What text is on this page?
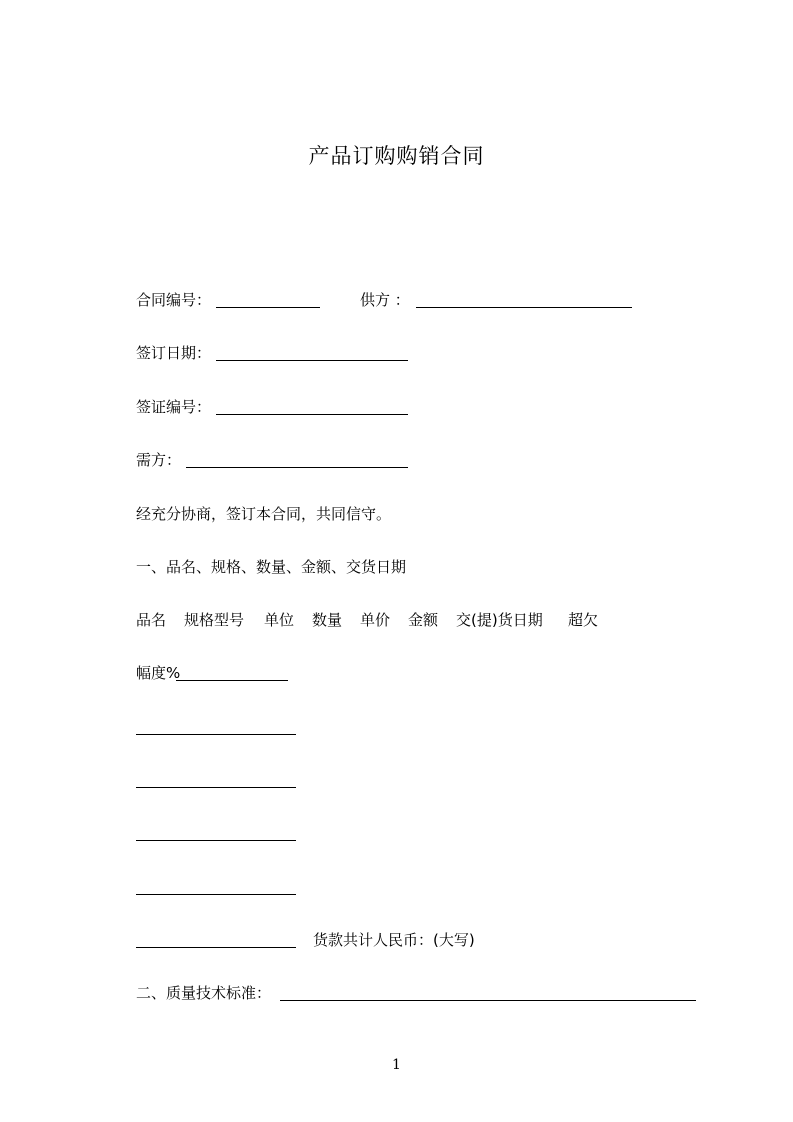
产品订购购销合同
合同编号：	供方 ：
签订日期：
签证编号：
需方：
经充分协商，签订本合同，共同信守。
一、品名、规格、数量、金额、交货日期
品名 规格型号 单位 数量 单价 金额 交(提)货日期 超欠
幅度%
货款共计人民币：(大写)
二、质量技术标准：
1
